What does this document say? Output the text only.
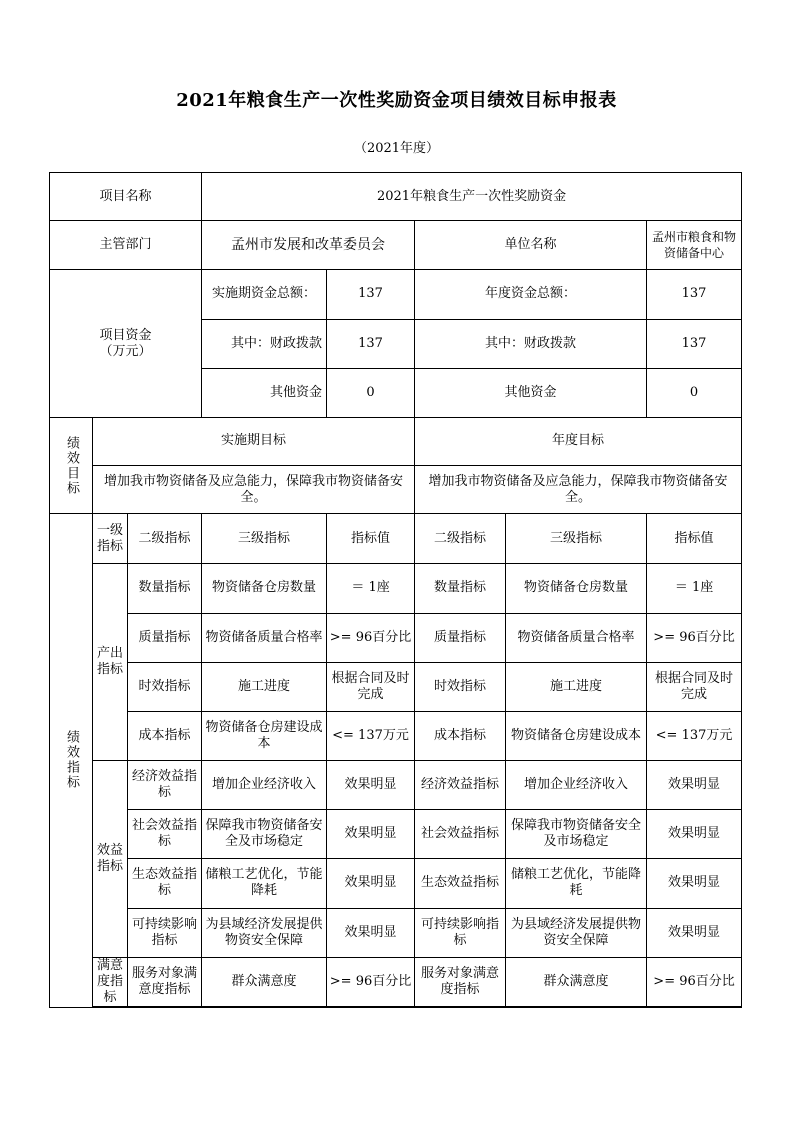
2021年粮食生产一次性奖励资金项目绩效目标申报表
（2021年度）
项目名称			2021年粮食生产一次性奖励资金				
主管部门			孟州市发展和改革委员会		单位名称		孟州市粮食和物资储备中心
项目资金
（万元）			实施期资金总额：	137	年度资金总额：		137
			其中：财政拨款	137	其中：财政拨款		137
			其他资金	0	其他资金		0
绩效目标	实施期目标				年度目标		
	增加我市物资储备及应急能力，保障我市物资储备安全。				增加我市物资储备及应急能力，保障我市物资储备安全。		
绩效指标	一级指标	二级指标	三级指标	指标值	二级指标	三级指标	指标值
	产出指标	数量指标	物资储备仓房数量	＝ 1座	数量指标	物资储备仓房数量	＝ 1座
		质量指标	物资储备质量合格率	>= 96百分比	质量指标	物资储备质量合格率	>= 96百分比
		时效指标	施工进度	根据合同及时完成	时效指标	施工进度	根据合同及时完成
		成本指标	物资储备仓房建设成本	<= 137万元	成本指标	物资储备仓房建设成本	<= 137万元
	效益指标	经济效益指标	增加企业经济收入	效果明显	经济效益指标	增加企业经济收入	效果明显
		社会效益指标	保障我市物资储备安全及市场稳定	效果明显	社会效益指标	保障我市物资储备安全及市场稳定	效果明显
		生态效益指标	储粮工艺优化，节能降耗	效果明显	生态效益指标	储粮工艺优化，节能降耗	效果明显
		可持续影响指标	为县域经济发展提供物资安全保障	效果明显	可持续影响指标	为县域经济发展提供物资安全保障	效果明显
	满意度指标	服务对象满意度指标	群众满意度	>= 96百分比	服务对象满意度指标	群众满意度	>= 96百分比
